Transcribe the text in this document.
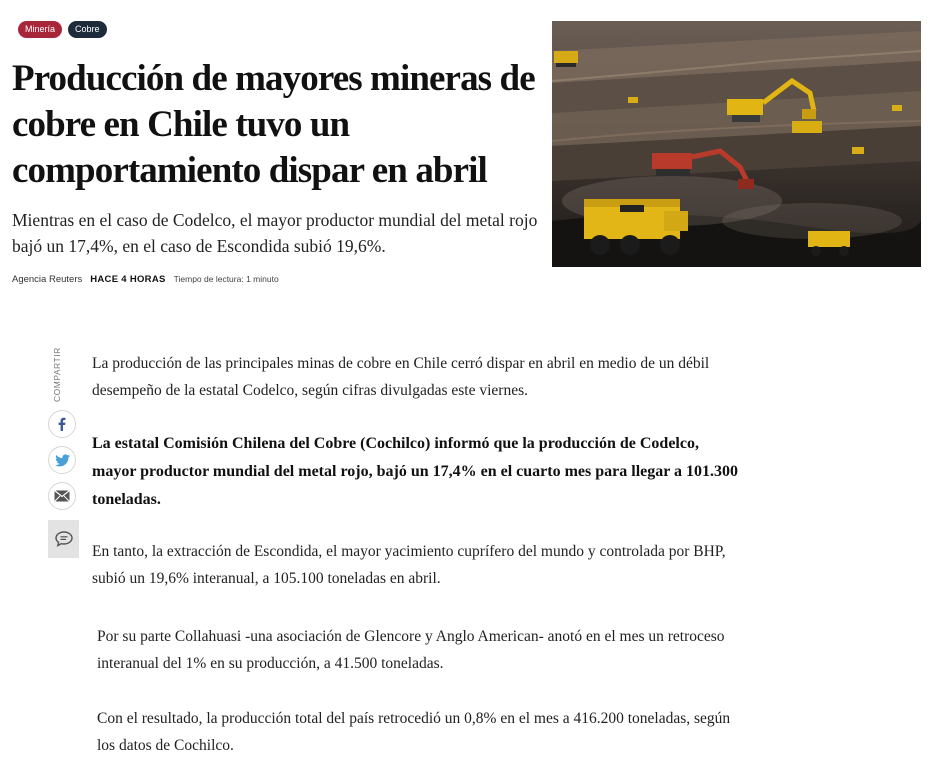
Minería	Cobre
Producción de mayores mineras de cobre en Chile tuvo un comportamiento dispar en abril

Mientras en el caso de Codelco, el mayor productor mundial del metal rojo bajó un 17,4%, en el caso de Escondida subió 19,6%.

Agencia Reuters HACE 4 HORAS Tiempo de lectura: 1 minuto
COMPARTIR La producción de las principales minas de cobre en Chile cerró dispar en abril en medio de un débil desempeño de la estatal Codelco, según cifras divulgadas este viernes.

La estatal Comisión Chilena del Cobre (Cochilco) informó que la producción de Codelco, mayor productor mundial del metal rojo, bajó un 17,4% en el cuarto mes para llegar a 101.300 toneladas.

En tanto, la extracción de Escondida, el mayor yacimiento cuprífero del mundo y controlada por BHP, subió un 19,6% interanual, a 105.100 toneladas en abril.

Por su parte Collahuasi -una asociación de Glencore y Anglo American- anotó en el mes un retroceso interanual del 1% en su producción, a 41.500 toneladas.

Con el resultado, la producción total del país retrocedió un 0,8% en el mes a 416.200 toneladas, según los datos de Cochilco.
